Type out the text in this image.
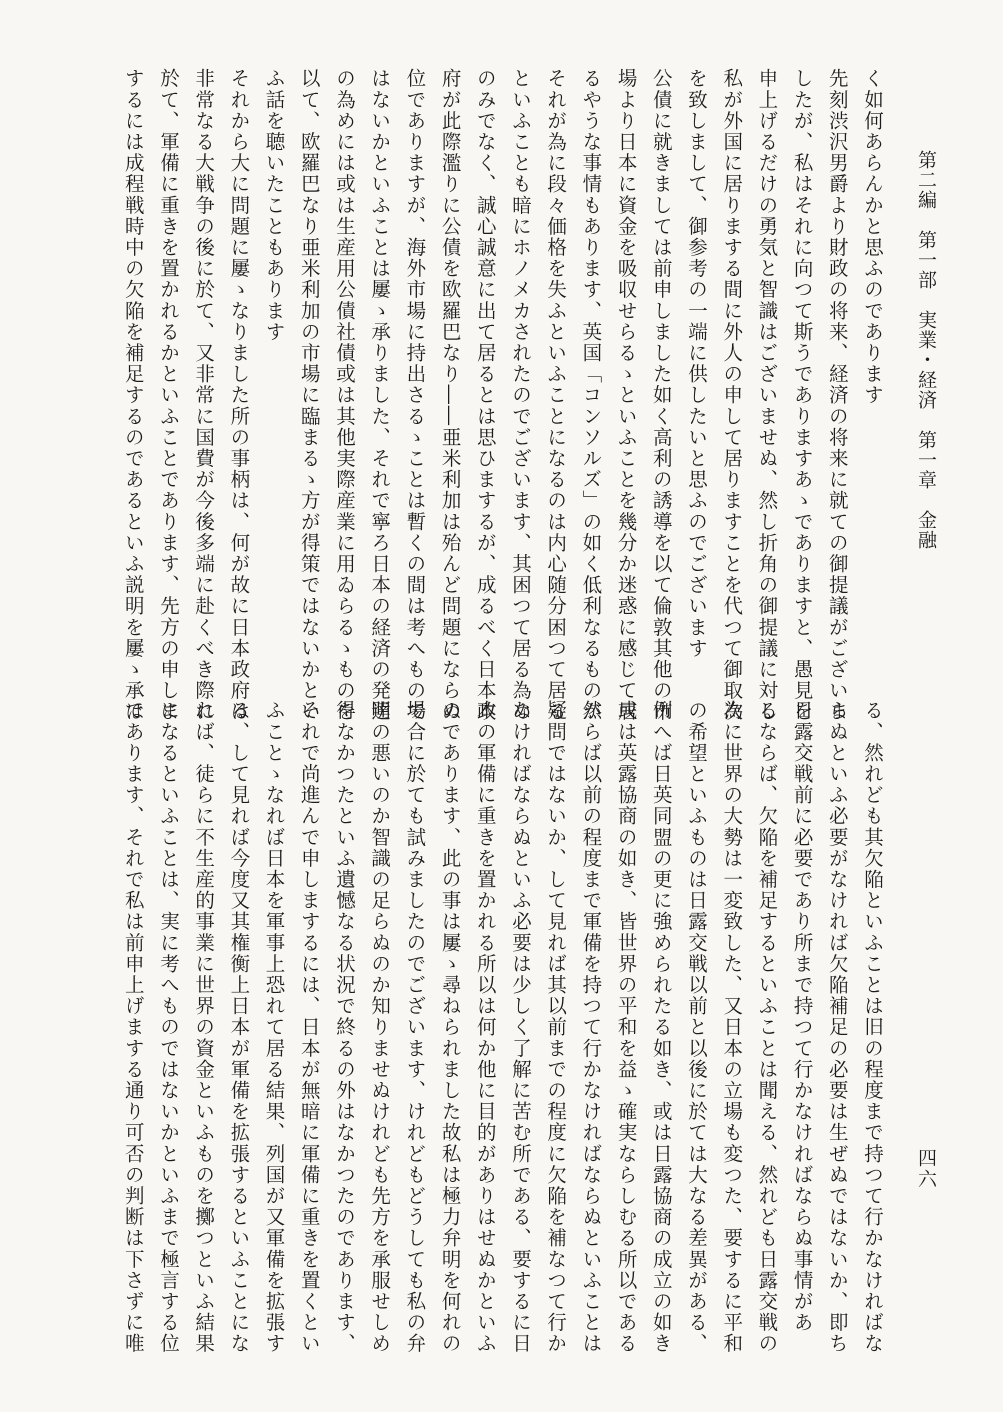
第二編　第一部　実業・経済　第一章　金融
四六
く如何あらんかと思ふのであります
先刻渋沢男爵より財政の将来、経済の将来に就ての御提議がございま
したが、私はそれに向つて斯うでありますあゝでありますと、愚見を
申上げるだけの勇気と智識はございませぬ、然し折角の御提議に対し
私が外国に居りまする間に外人の申して居りますことを代つて御取次
を致しまして、御参考の一端に供したいと思ふのでございます
公債に就きましては前申しました如く高利の誘導を以て倫敦其他の市
場より日本に資金を吸収せらるゝといふことを幾分か迷惑に感じて居
るやうな事情もあります、英国「コンソルズ」の如く低利なるものが
それが為に段々価格を失ふといふことになるのは内心随分困つて居る
といふことも暗にホノメカされたのでございます、其困つて居る為め
のみでなく、誠心誠意に出て居るとは思ひまするが、成るべく日本政
府が此際濫りに公債を欧羅巴なり――亜米利加は殆んど問題にならぬ
位でありますが、海外市場に持出さるゝことは暫くの間は考へもので
はないかといふことは屢ゝ承りました、それで寧ろ日本の経済の発達
の為めには或は生産用公債社債或は其他実際産業に用ゐらるゝものを
以て、欧羅巴なり亜米利加の市場に臨まるゝ方が得策ではないかとい
ふ話を聴いたこともあります
それから大に問題に屢ゝなりました所の事柄は、何が故に日本政府は
非常なる大戦争の後に於て、又非常に国費が今後多端に赴くべき際に
於て、軍備に重きを置かれるかといふことであります、先方の申しま
するには成程戦時中の欠陥を補足するのであるといふ説明を屢ゝ承は
る、然れども其欠陥といふことは旧の程度まで持つて行かなければな
らぬといふ必要がなければ欠陥補足の必要は生ぜぬではないか、即ち
日露交戦前に必要であり所まで持つて行かなければならぬ事情があ
るならば、欠陥を補足するといふことは聞える、然れども日露交戦の
為に世界の大勢は一変致した、又日本の立場も変つた、要するに平和
の希望といふものは日露交戦以前と以後に於ては大なる差異がある、
例へば日英同盟の更に強められたる如き、或は日露協商の成立の如き
或は英露協商の如き、皆世界の平和を益ゝ確実ならしむる所以である
然らば以前の程度まで軍備を持つて行かなければならぬといふことは
疑問ではないか、して見れば其以前までの程度に欠陥を補なつて行か
なければならぬといふ必要は少しく了解に苦む所である、要するに日
本の軍備に重きを置かれる所以は何か他に目的がありはせぬかといふ
のであります、此の事は屢ゝ尋ねられました故私は極力弁明を何れの
場合に於ても試みましたのでございます、けれどもどうしても私の弁
明の悪いのか智識の足らぬのか知りませぬけれども先方を承服せしめ
得なかつたといふ遺憾なる状況で終るの外はなかつたのであります、
それで尚進んで申しまするには、日本が無暗に軍備に重きを置くとい
ふことゝなれば日本を軍事上恐れて居る結果、列国が又軍備を拡張す
る、して見れば今度又其権衡上日本が軍備を拡張するといふことにな
れば、徒らに不生産的事業に世界の資金といふものを擲つといふ結果
になるといふことは、実に考へものではないかといふまで極言する位
であります、それで私は前申上げまする通り可否の判断は下さずに唯
